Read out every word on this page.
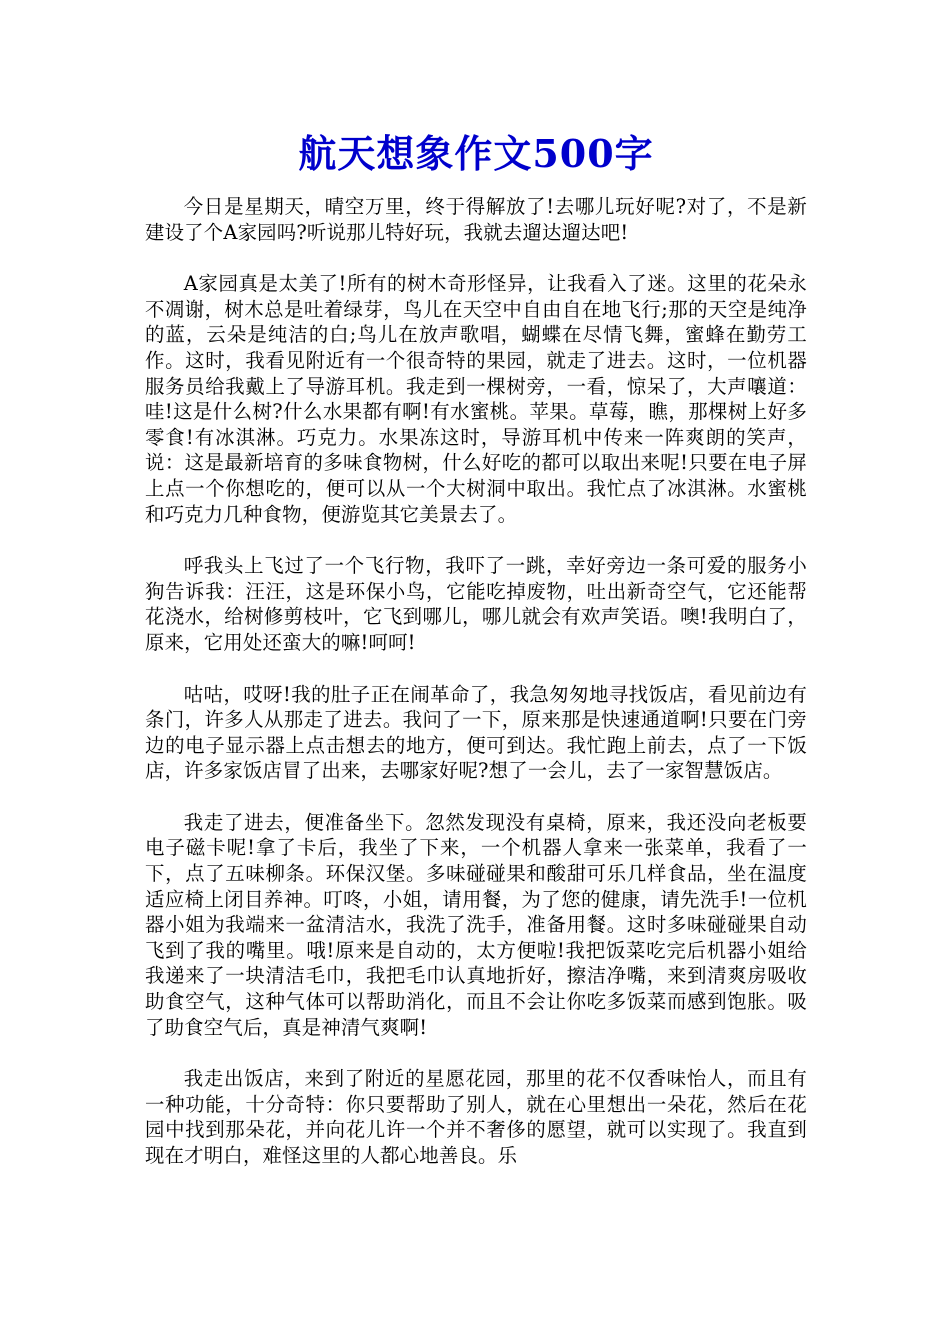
航天想象作文500字

今日是星期天，晴空万里，终于得解放了!去哪儿玩好呢?对了，不是新建设了个A家园吗?听说那儿特好玩，我就去遛达遛达吧!

A家园真是太美了!所有的树木奇形怪异，让我看入了迷。这里的花朵永不凋谢，树木总是吐着绿芽，鸟儿在天空中自由自在地飞行;那的天空是纯净的蓝，云朵是纯洁的白;鸟儿在放声歌唱，蝴蝶在尽情飞舞，蜜蜂在勤劳工作。这时，我看见附近有一个很奇特的果园，就走了进去。这时，一位机器服务员给我戴上了导游耳机。我走到一棵树旁，一看，惊呆了，大声嚷道：哇!这是什么树?什么水果都有啊!有水蜜桃。苹果。草莓，瞧，那棵树上好多零食!有冰淇淋。巧克力。水果冻这时，导游耳机中传来一阵爽朗的笑声，说：这是最新培育的多味食物树，什么好吃的都可以取出来呢!只要在电子屏上点一个你想吃的，便可以从一个大树洞中取出。我忙点了冰淇淋。水蜜桃和巧克力几种食物，便游览其它美景去了。

呼我头上飞过了一个飞行物，我吓了一跳，幸好旁边一条可爱的服务小狗告诉我：汪汪，这是环保小鸟，它能吃掉废物，吐出新奇空气，它还能帮花浇水，给树修剪枝叶，它飞到哪儿，哪儿就会有欢声笑语。噢!我明白了，原来，它用处还蛮大的嘛!呵呵!

咕咕，哎呀!我的肚子正在闹革命了，我急匆匆地寻找饭店，看见前边有条门，许多人从那走了进去。我问了一下，原来那是快速通道啊!只要在门旁边的电子显示器上点击想去的地方，便可到达。我忙跑上前去，点了一下饭店，许多家饭店冒了出来，去哪家好呢?想了一会儿，去了一家智慧饭店。

我走了进去，便准备坐下。忽然发现没有桌椅，原来，我还没向老板要电子磁卡呢!拿了卡后，我坐了下来，一个机器人拿来一张菜单，我看了一下，点了五味柳条。环保汉堡。多味碰碰果和酸甜可乐几样食品，坐在温度适应椅上闭目养神。叮咚，小姐，请用餐，为了您的健康，请先洗手!一位机器小姐为我端来一盆清洁水，我洗了洗手，准备用餐。这时多味碰碰果自动飞到了我的嘴里。哦!原来是自动的，太方便啦!我把饭菜吃完后机器小姐给我递来了一块清洁毛巾，我把毛巾认真地折好，擦洁净嘴，来到清爽房吸收助食空气，这种气体可以帮助消化，而且不会让你吃多饭菜而感到饱胀。吸了助食空气后，真是神清气爽啊!

我走出饭店，来到了附近的星愿花园，那里的花不仅香味怡人，而且有一种功能，十分奇特：你只要帮助了别人，就在心里想出一朵花，然后在花园中找到那朵花，并向花儿许一个并不奢侈的愿望，就可以实现了。我直到现在才明白，难怪这里的人都心地善良。乐
